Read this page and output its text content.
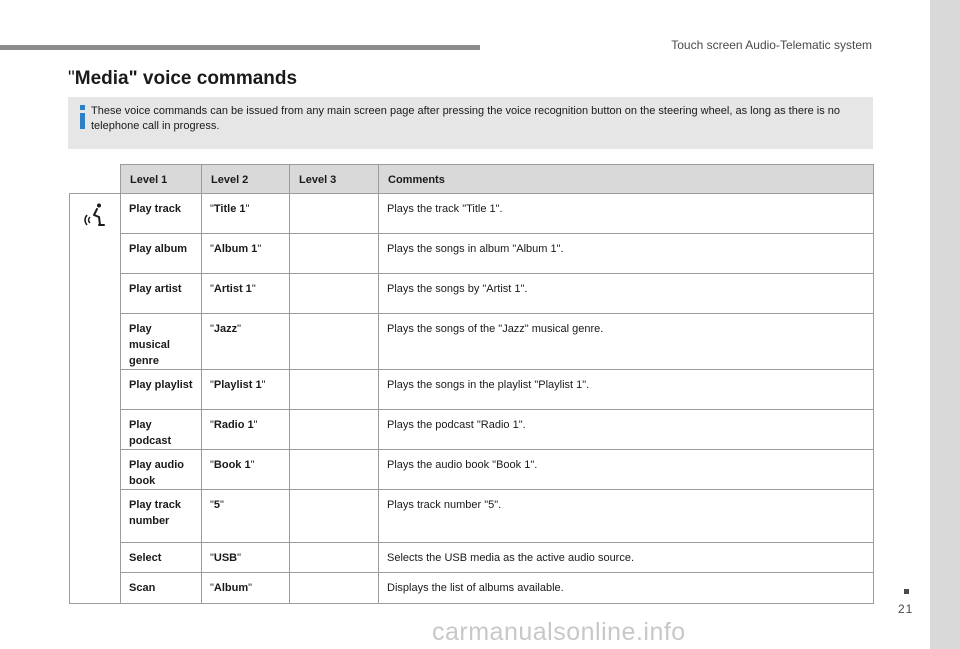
Touch screen Audio-Telematic system
"Media" voice commands
These voice commands can be issued from any main screen page after pressing the voice recognition button on the steering wheel, as long as there is no telephone call in progress.
	Level 1	Level 2	Level 3	Comments
	Play track	"Title 1"		Plays the track "Title 1".
	Play album	"Album 1"		Plays the songs in album "Album 1".
	Play artist	"Artist 1"		Plays the songs by "Artist 1".
	Play musical genre	"Jazz"		Plays the songs of the "Jazz" musical genre.
	Play playlist	"Playlist 1"		Plays the songs in the playlist "Playlist 1".
	Play podcast	"Radio 1"		Plays the podcast "Radio 1".
	Play audio book	"Book 1"		Plays the audio book "Book 1".
	Play track number	"5"		Plays track number "5".
	Select	"USB"		Selects the USB media as the active audio source.
	Scan	"Album"		Displays the list of albums available.
21
carmanualsonline.info
